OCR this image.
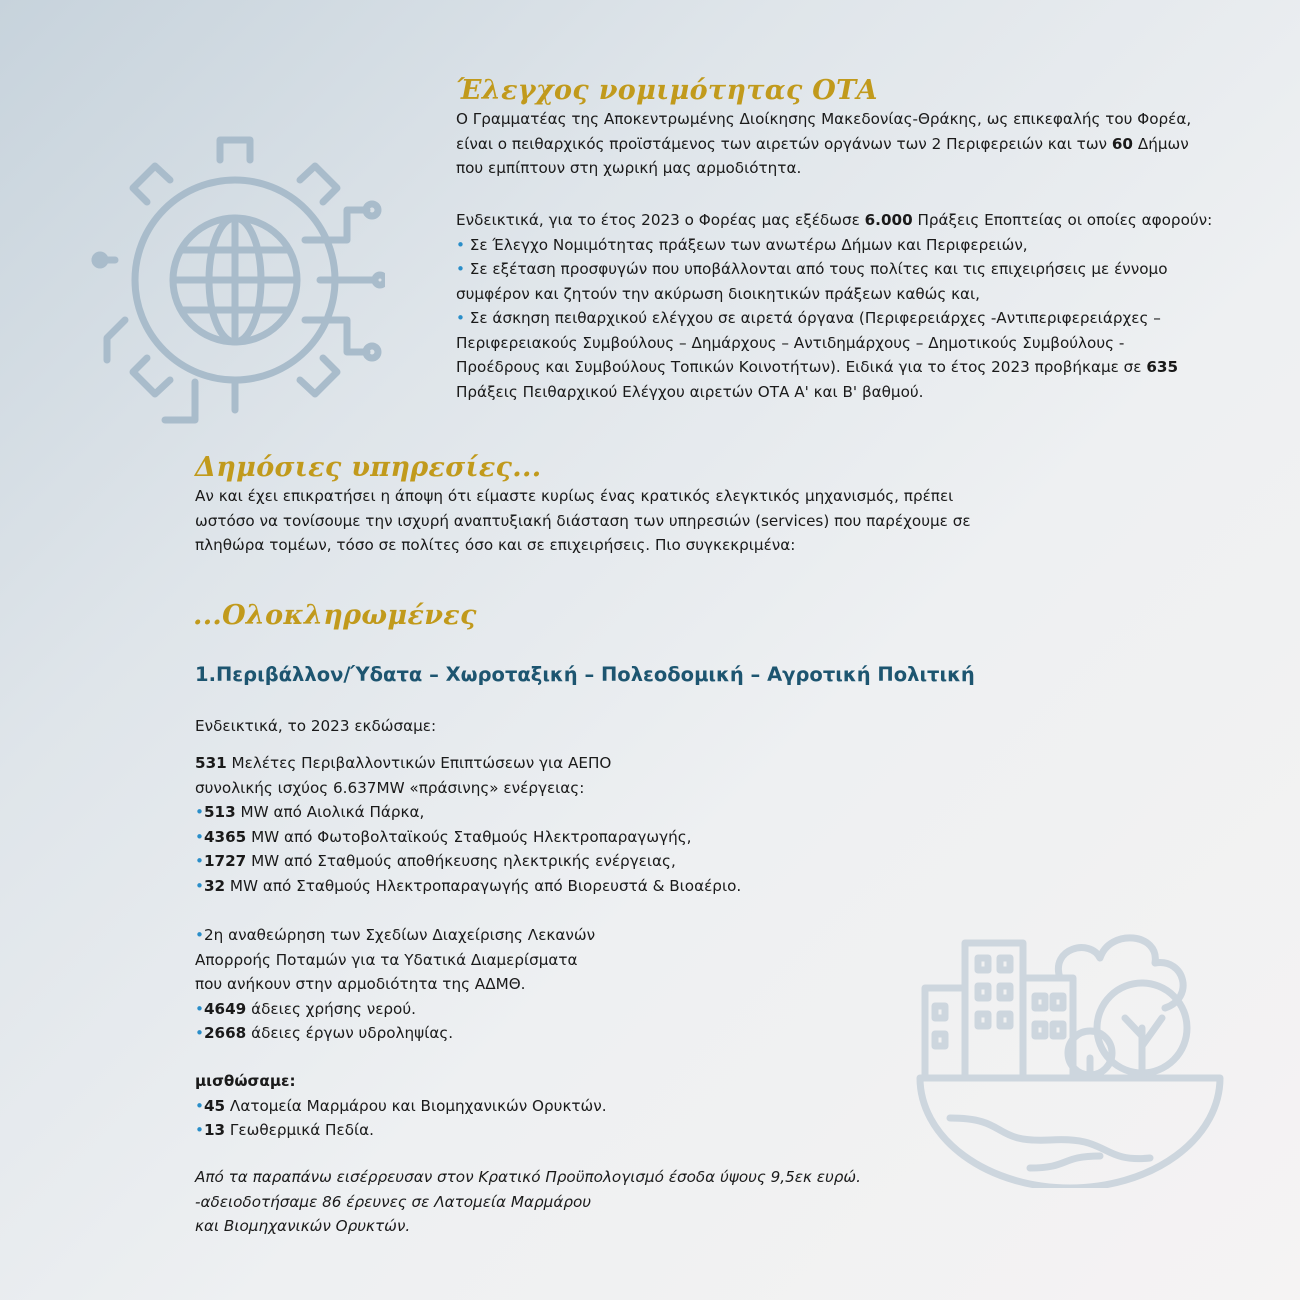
Έλεγχος νομιμότητας ΟΤΑ
Ο Γραμματέας της Αποκεντρωμένης Διοίκησης Μακεδονίας-Θράκης, ως επικεφαλής του Φορέα,
είναι ο πειθαρχικός προϊστάμενος των αιρετών οργάνων των 2 Περιφερειών και των 60 Δήμων
που εμπίπτουν στη χωρική μας αρμοδιότητα.
Ενδεικτικά, για το έτος 2023 ο Φορέας μας εξέδωσε 6.000 Πράξεις Εποπτείας οι οποίες αφορούν:
• Σε Έλεγχο Νομιμότητας πράξεων των ανωτέρω Δήμων και Περιφερειών,
• Σε εξέταση προσφυγών που υποβάλλονται από τους πολίτες και τις επιχειρήσεις με έννομο
συμφέρον και ζητούν την ακύρωση διοικητικών πράξεων καθώς και,
• Σε άσκηση πειθαρχικού ελέγχου σε αιρετά όργανα (Περιφερειάρχες -Αντιπεριφερειάρχες –
Περιφερειακούς Συμβούλους – Δημάρχους – Αντιδημάρχους – Δημοτικούς Συμβούλους -
Προέδρους και Συμβούλους Τοπικών Κοινοτήτων). Ειδικά για το έτος 2023 προβήκαμε σε 635
Πράξεις Πειθαρχικού Ελέγχου αιρετών ΟΤΑ Α' και Β' βαθμού.
Δημόσιες υπηρεσίες...
Αν και έχει επικρατήσει η άποψη ότι είμαστε κυρίως ένας κρατικός ελεγκτικός μηχανισμός, πρέπει
ωστόσο να τονίσουμε την ισχυρή αναπτυξιακή διάσταση των υπηρεσιών (services) που παρέχουμε σε
πληθώρα τομέων, τόσο σε πολίτες όσο και σε επιχειρήσεις. Πιο συγκεκριμένα:
...Ολοκληρωμένες
1.Περιβάλλον/Ύδατα – Χωροταξική – Πολεοδομική – Αγροτική Πολιτική
Ενδεικτικά, το 2023 εκδώσαμε:
531 Μελέτες Περιβαλλοντικών Επιπτώσεων για ΑΕΠΟ
συνολικής ισχύος 6.637MW «πράσινης» ενέργειας:
•513 MW από Αιολικά Πάρκα,
•4365 MW από Φωτοβολταϊκούς Σταθμούς Ηλεκτροπαραγωγής,
•1727 MW από Σταθμούς αποθήκευσης ηλεκτρικής ενέργειας,
•32 MW από Σταθμούς Ηλεκτροπαραγωγής από Βιορευστά & Βιοαέριο.
•2η αναθεώρηση των Σχεδίων Διαχείρισης Λεκανών
Απορροής Ποταμών για τα Υδατικά Διαμερίσματα
που ανήκουν στην αρμοδιότητα της ΑΔΜΘ.
•4649 άδειες χρήσης νερού.
•2668 άδειες έργων υδροληψίας.
μισθώσαμε:
•45 Λατομεία Μαρμάρου και Βιομηχανικών Ορυκτών.
•13 Γεωθερμικά Πεδία.
Από τα παραπάνω εισέρρευσαν στον Κρατικό Προϋπολογισμό έσοδα ύψους 9,5εκ ευρώ.
-αδειοδοτήσαμε 86 έρευνες σε Λατομεία Μαρμάρου
και Βιομηχανικών Ορυκτών.
